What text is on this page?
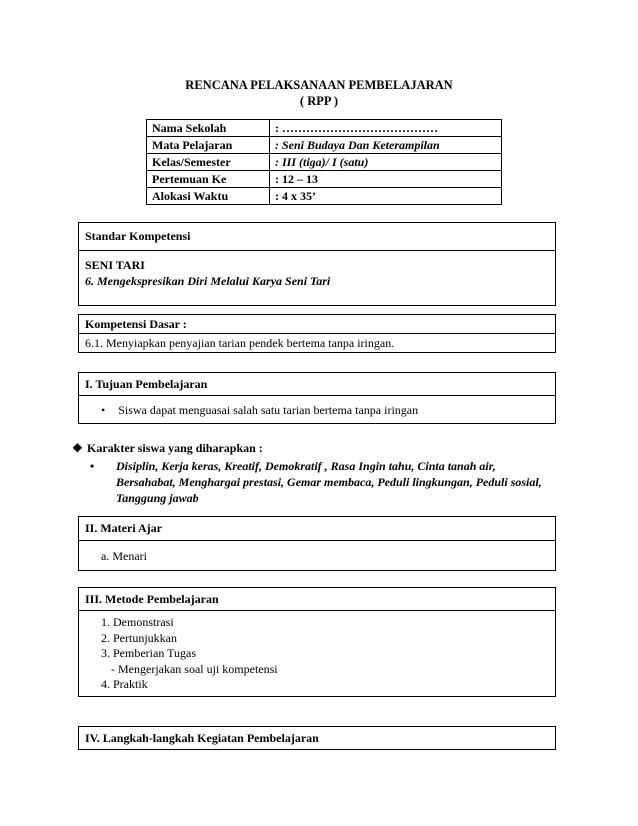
RENCANA PELAKSANAAN PEMBELAJARAN
( RPP )
Nama Sekolah	: …………………………………
Mata Pelajaran	: Seni Budaya Dan Keterampilan
Kelas/Semester	: III (tiga)/ I (satu)
Pertemuan Ke	: 12 – 13
Alokasi Waktu	: 4 x 35’
Standar Kompetensi
SENI TARI
6. Mengekspresikan Diri Melalui Karya Seni Tari
Kompetensi Dasar :
6.1. Menyiapkan penyajian tarian pendek bertema tanpa iringan.
I. Tujuan Pembelajaran
• Siswa dapat menguasai salah satu tarian bertema tanpa iringan
❖ Karakter siswa yang diharapkan :
•	Disiplin, Kerja keras, Kreatif, Demokratif , Rasa Ingin tahu, Cinta tanah air,
Bersahabat, Menghargai prestasi, Gemar membaca, Peduli lingkungan, Peduli sosial,
Tanggung jawab
II. Materi Ajar
a. Menari
III. Metode Pembelajaran
1. Demonstrasi
2. Pertunjukkan
3. Pemberian Tugas
- Mengerjakan soal uji kompetensi
4. Praktik
IV. Langkah-langkah Kegiatan Pembelajaran
